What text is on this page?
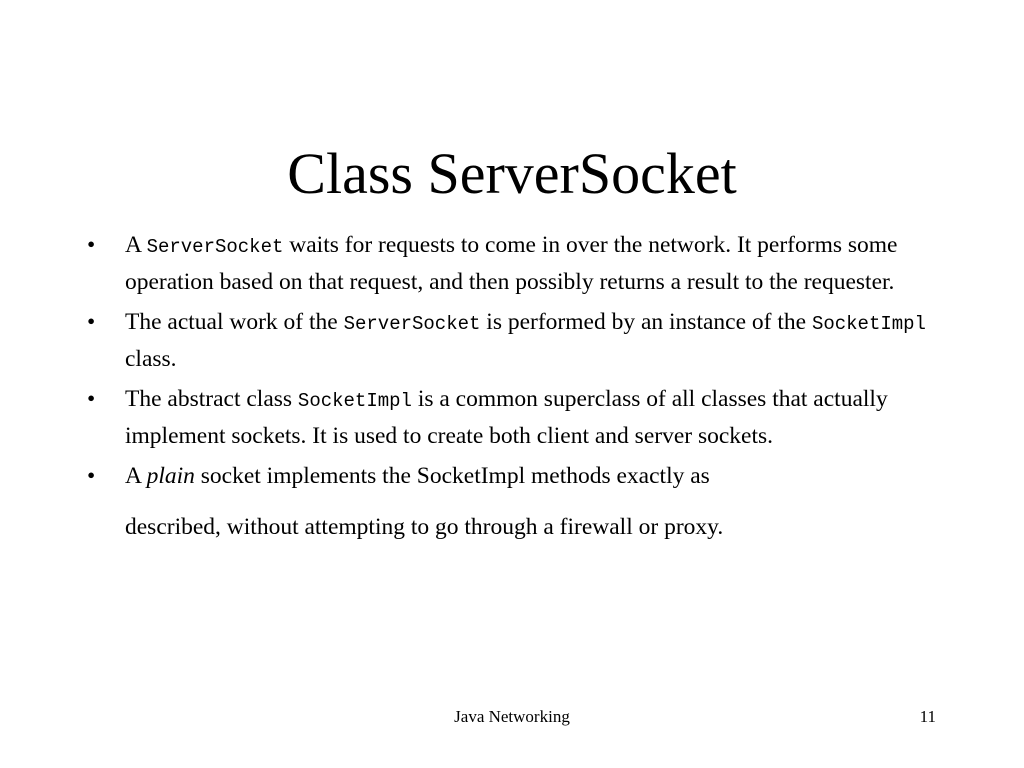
Class ServerSocket
• A ServerSocket waits for requests to come in over the network. It performs some operation based on that request, and then possibly returns a result to the requester.
• The actual work of the ServerSocket is performed by an instance of the SocketImpl class.
• The abstract class SocketImpl is a common superclass of all classes that actually implement sockets. It is used to create both client and server sockets.
• A plain socket implements the SocketImpl methods exactly as
described, without attempting to go through a firewall or proxy.
Java Networking	11
